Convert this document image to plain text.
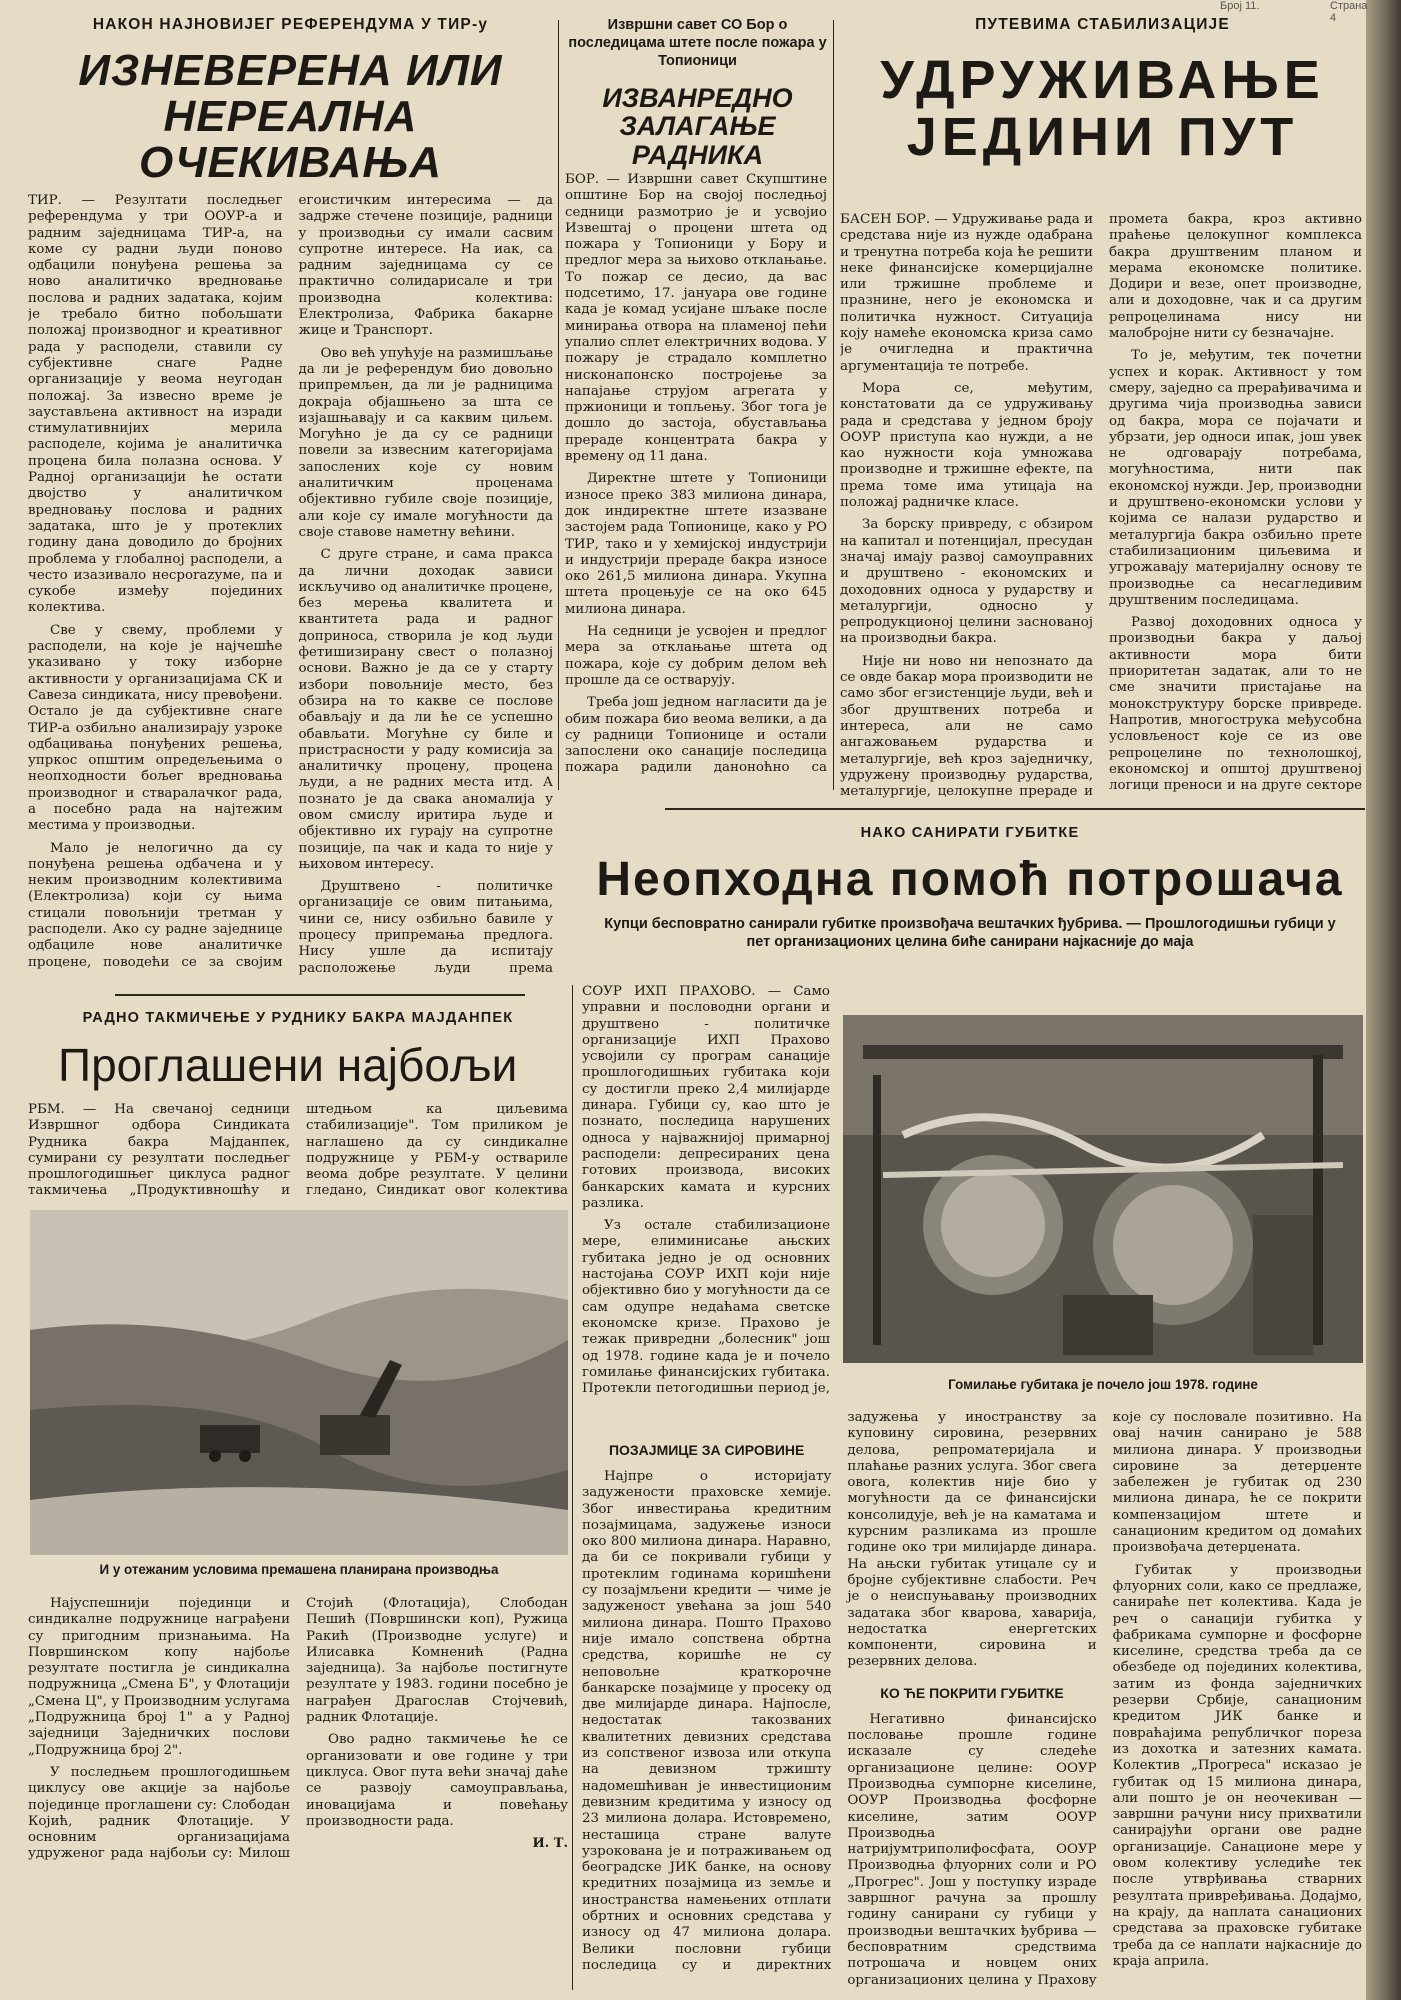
Број 11.	Страна 4
НАКОН НАЈНОВИЈЕГ РЕФЕРЕНДУМА У ТИР-у
ИЗНЕВЕРЕНА ИЛИ НЕРЕАЛНА ОЧЕКИВАЊА

ТИР. — Резултати последњег референдума у три ООУР-а и радним заједницама ТИР-а, на коме су радни људи поново одбацили понуђена решења за ново аналитичко вредновање послова и радних задатака, којим је требало битно побољшати положај производног и креативног рада у расподели, ставили су субјективне снаге Радне организације у веома неугодан положај. За извесно време је заустављена активност на изради стимулативнијих мерила расподеле, којима је аналитичка процена била полазна основа. У Радној организацији ће остати двојство у аналитичком вредновању послова и радних задатака, што је у протеклих годину дана доводило до бројних проблема у глобалној расподели, а често изазивало несporazуме, па и сукобе између појединих колектива.

Све у свему, проблеми у расподели, на које је најчешће указивано у току изборне активности у организацијама СК и Савеза синдиката, нису превођени. Остало је да субјективне снаге ТИР-а озбиљно анализирају узроке одбацивања понуђених решења, упркос општим опредељењима о неопходности бољег вредновања производног и стваралачког рада, а посебно рада на најтежим местима у производњи.

Мало је нелогично да су понуђена решења одбачена и у неким производним колективима (Електролиза) који су њима стицали повољнији третман у расподели. Ако су радне заједнице одбациле нове аналитичке процене, поводећи се за својим егоистичким интересима — да задрже стечене позиције, радници у производњи су имали сасвим супротне интересе. На иак, са радним заједницама су се практично солидарисале и три производна колектива: Електролиза, Фабрика бакарне жице и Транспорт.

Ово већ упућује на размишљање да ли је референдум био довољно припремљен, да ли је радницима докрaja објашњено за шта се изјашњавају и са каквим циљем. Могућно је да су се радници повели за извесним категоријама запослених које су новим аналитичким проценама објективно губиле своје позиције, али које су имале могућности да своје ставове наметну већини.

С друге стране, и сама пракса да лични доходак зависи искључиво од аналитичке процене, без мерења квалитета и квантитета рада и радног доприноса, створила је код људи фетишизирану свест о полазној основи. Важно је да се у старту избори повољније место, без обзира на то какве се послове обављају и да ли ће се успешно обављати. Могућне су биле и пристрасности у раду комисија за аналитичку процену, процена људи, а не радних места итд. А познато је да свака аномалија у овом смислу иритира људе и објективно их гурају на супротне позиције, па чак и када то није у њиховом интересу.

Друштвено - политичке организације се овим питањима, чини се, нису озбиљно бавиле у процесу припремања предлога. Нису ушле да испитају расположење људи према

Извршни савет СО Бор о последицама штете после пожара у Топионици
ИЗВАНРЕДНО ЗАЛАГАЊЕ РАДНИКА

БОР. — Извршни савет Скупштине општине Бор на својој последњој седници размотрио је и усвојио Извештај о процени штета од пожара у Топионици у Бору и предлог мера за њихово отклањање. То пожар се десио, да вас подсетимо, 17. јануара ове године када је комад усијане шљаке после минирања отворa на пламеној пећи упалио сплет електричних водова. У пожару је страдало комплетно нисконапонско постројење за напајање струјом агрегата у пржионици и топљењу. Због тога је дошло до застоја, обустављања прераде концентрата бакра у времену од 11 дана.

Директне штете у Топионици износе преко 383 милиона динара, док индиректне штете изазване застојем рада Топионице, како у РО ТИР, тако и у хемијској индустрији и индустрији прераде бакра износе око 261,5 милиона динара. Укупна штета процењује се на око 645 милиона динара.

На седници је усвојен и предлог мера за отклањање штета од пожара, које су добрим делом већ прошле да се остварују.

Треба још једном нагласити да је обим пожара био веома велики, а да су радници Топионице и остали запослени око санације последица пожара радили даноноћно са

ПУТЕВИМА СТАБИЛИЗАЦИЈЕ
УДРУЖИВАЊЕ
ЈЕДИНИ ПУТ

БАСЕН БОР. — Удруживање рада и средстава није из нужде одабрана и тренутна потреба која ће решити неке финансијске комерцијалне или тржишне проблеме и празнине, него је економска и политичка нужност. Ситуација коју намеће економска криза само је очигледна и практична аргументација те потребе.

Мора се, међутим, констатовати да се удруживању рада и средстава у једном броју ООУР приступа као нужди, а не као нужности која умножава производне и тржишне ефекте, па према томе има утицаја на положај радничке класе.

За борску привреду, с обзиром на капитал и потенцијал, пресудан значај имају развој самоуправних и друштвено - економских и доходовних односа у рударству и металургији, односно у репродукционој целини заснованој на производњи бакра.

Није ни ново ни непознато да се овде бакар мора производити не само због егзистенције људи, већ и због друштвених потреба и интереса, али не само ангажовањем рударства и металургије, већ кроз заједничку, удружену производњу рударства, металургије, целокупне прераде и промета бакра, кроз активно праћење целокупног комплекса бакра друштвеним планом и мерама економске политике. Додири и везе, опет производне, али и доходовне, чак и са другим репроцелинама нису ни малобројне нити су безначајне.

То је, међутим, тек почетни успех и корак. Активност у том смеру, заједно са прерађивачима и другима чија производња зависи од бакра, мора се појачати и убрзати, јер односи ипак, још увек не одговарају потребама, могућностима, нити пак економској нужди. Јер, производни и друштвено-економски услови у којима се налази рударство и металургија бакра озбиљно прете стабилизационим циљевима и угрожавају материјалну основу те производње са несагледивим друштвеним последицама.

Развој доходовних односа у производњи бакра у даљој активности мора бити приоритетан задатак, али то не сме значити пристајање на монокструктуру борске привреде. Напротив, многострука међусобна условљеност које се из ове репроцелине по технолошкој, економској и општој друштвеној логици преноси и на друге секторе

НАКО САНИРАТИ ГУБИТКЕ
Неопходна помоћ потрошача
Купци бесповратно санирали губитке произвођача вештачких ђубрива. — Прошлогодишњи губици у пет организационих целина биће санирани најкасније до маја

СОУР ИХП ПРАХОВО. — Само управни и пословодни органи и друштвено - политичке организације ИХП Прахово усвојили су програм санације прошлогодишњих губитака који су достигли преко 2,4 милијарде динара. Губици су, као што је познато, последица нарушених односа у најважнијој примарној расподели: депресираних цена готових производа, високих банкарских камата и курсних разлика.

Уз остале стабилизационе мере, елиминисање ањских губитака једно је од основних настојања СОУР ИХП који није објективно био у могућности да се сам одупре недаћама светске економске кризе. Прахово је тежак приврeдни „болесник" још од 1978. године када је и почело гомилање финансијских губитака. Протекли петогодишњи период је,	Гомилање губитака је почело још 1978. године
ПОЗАЈМИЦЕ ЗА СИРОВИНЕ

Најпре о историјату задужености праховске хемије. Због инвестирања кредитним позајмицама, задужење износи око 800 милиона динара. Наравно, да би се покривали губици у протеклим годинама коришћени су позајмљени кредити — чиме је задуженост увећана за још 540 милиона динара. Пошто Прахово није имало сопствена обртна средства, коришће не су неповољне краткорочне банкарске позајмице у просеку од две милијарде динара. Најпосле, недостатак такозваних квалитетних девизних средстава из сопственог извоза или откупа на девизном тржишту надомешћиван је инвестиционим девизним кредитима у износу од 23 милиона долара. Истовремено, несташица стране валуте узрокована је и потраживањем од београдске ЈИК банке, на основу кредитних позајмица из земље и иностранства намењених отплати обртних и основних средстава у износу од 47 милиона долара. Велики пословни губици последица су и директних задужења у иностранству за куповину сировина, резервних делова, репроматеријала и плаћање разних услуга. Због свега овога, колектив није био у могућности да се финансијски консолидује, већ је на каматама и курсним разликама из прошле године око три милијарде динара. На ањски губитак утицале су и бројне субјективне слабости. Реч је о неиспуњавању производних задатака због кварова, хаварија, недостатка енергетских компоненти, сировина и резервних делова.

КО ЋЕ ПОКРИТИ ГУБИТКЕ

Негативно финансијско пословање прошле године исказале су следеће организационе целине: ООУР Производња сумпорне киселине, ООУР Производња фосфорне киселине, затим ООУР Производња натријумтрипoлифосфата, ООУР Производња флуорних соли и РО „Прогрес". Још у поступку израде завршног рачуна за прошлу годину санирани су губици у производњи вештачких ђубрива — бесповратним средствима потрошача и новцем оних организационих целина у Прахову које су пословале позитивно. На овај начин санирано је 588 милиона динара. У производњи сировине за детерџенте забележен је губитак од 230 милиона динара, ће се покрити компензацијом штете и санационим кредитом од домаћих произвођача детерџената.

Губитак у производњи флуорних соли, како се предлаже, санираће пет колектива. Када је реч о санацији губитка у фабрикама сумпорне и фосфорне киселине, средства треба да се обезбеде од појединих колектива, затим из фонда заједничких резерви Србије, санационим кредитом ЈИК банке и повраћајима републичког пореза из дохотка и затезних камата. Колектив „Прогреса" исказао је губитак од 15 милиона динара, али пошто је он неочекиван — завршни рачуни нису прихватили санирајући органи ове радне организације. Санационе мере у овом колективу уследиће тек после утврђивања стварних резултата привређивања. Додајмо, на крају, да наплата санационих средстава за праховске губитаке треба да се наплати најкасније до краја априла.

РАДНО ТАКМИЧЕЊЕ У РУДНИКУ БАКРА МАЈДАНПЕК
Проглашени најбољи
И у отежаним условима премашена планирана производња

РБМ. — На свечаној седници Извршног одбора Синдиката Рудника бакра Мајданпек, сумирани су резултати последњег прошлогодишњег циклуса радног такмичења „Продуктивношћу и штедњом ка циљевима стабилизације". Том приликом је наглашено да су синдикалне подружнице у РБМ-у остварилe веома добре резултате. У целини гледано, Синдикат овог колектива

Најуспешнији појединци и синдикалне подружнице награђени су пригодним признањима. На Површинском копу најбоље резултате постигла је синдикална подружница „Смена Б", у Флотацији „Смена Ц", у Производним услугама „Подружница број 1" а у Радној заједници Заједничких послови „Подружница број 2".

У последњем прошлогодишњем циклусу ове акције за најбоље појединце проглашени су: Слободан Којић, радник Флотације. У основним организацијама удруженог рада најбољи су: Милош Стојић (Флотација), Слободан Пешић (Површински коп), Ружица Ракић (Производне услуге) и Илисавка Комненић (Радна заједница). За најбоље постигнуте резултате у 1983. години посебно је награђен Драгослав Стојчевић, радник Флотације.

Ово радно такмичење ће се организовати и ове године у три циклуса. Овог пута већи значај даће се развоју самоуправљања, иновацијама и повећању производности рада.

И. Т.
